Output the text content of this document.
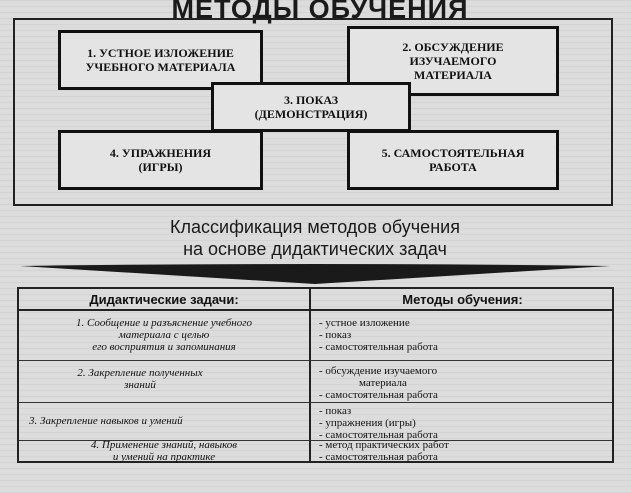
МЕТОДЫ ОБУЧЕНИЯ
1. УСТНОЕ ИЗЛОЖЕНИЕ
УЧЕБНОГО МАТЕРИАЛА
2. ОБСУЖДЕНИЕ
ИЗУЧАЕМОГО
МАТЕРИАЛА
4. УПРАЖНЕНИЯ
(ИГРЫ)
5. САМОСТОЯТЕЛЬНАЯ
РАБОТА
3. ПОКАЗ
(ДЕМОНСТРАЦИЯ)
Классификация методов обучения
на основе дидактических задач
Дидактические задачи:	Методы обучения:
1. Сообщение и разъяснение учебного
материала с целью
его восприятия и запоминания
- устное изложение
- показ
- самостоятельная работа
2. Закрепление полученных
знаний
- обсуждение изучаемого
материала
- самостоятельная работа
3. Закрепление навыков и умений
- показ
- упражнения (игры)
- самостоятельная работа
4. Применение знаний, навыков
и умений на практике
- метод практических работ
- самостоятельная работа
